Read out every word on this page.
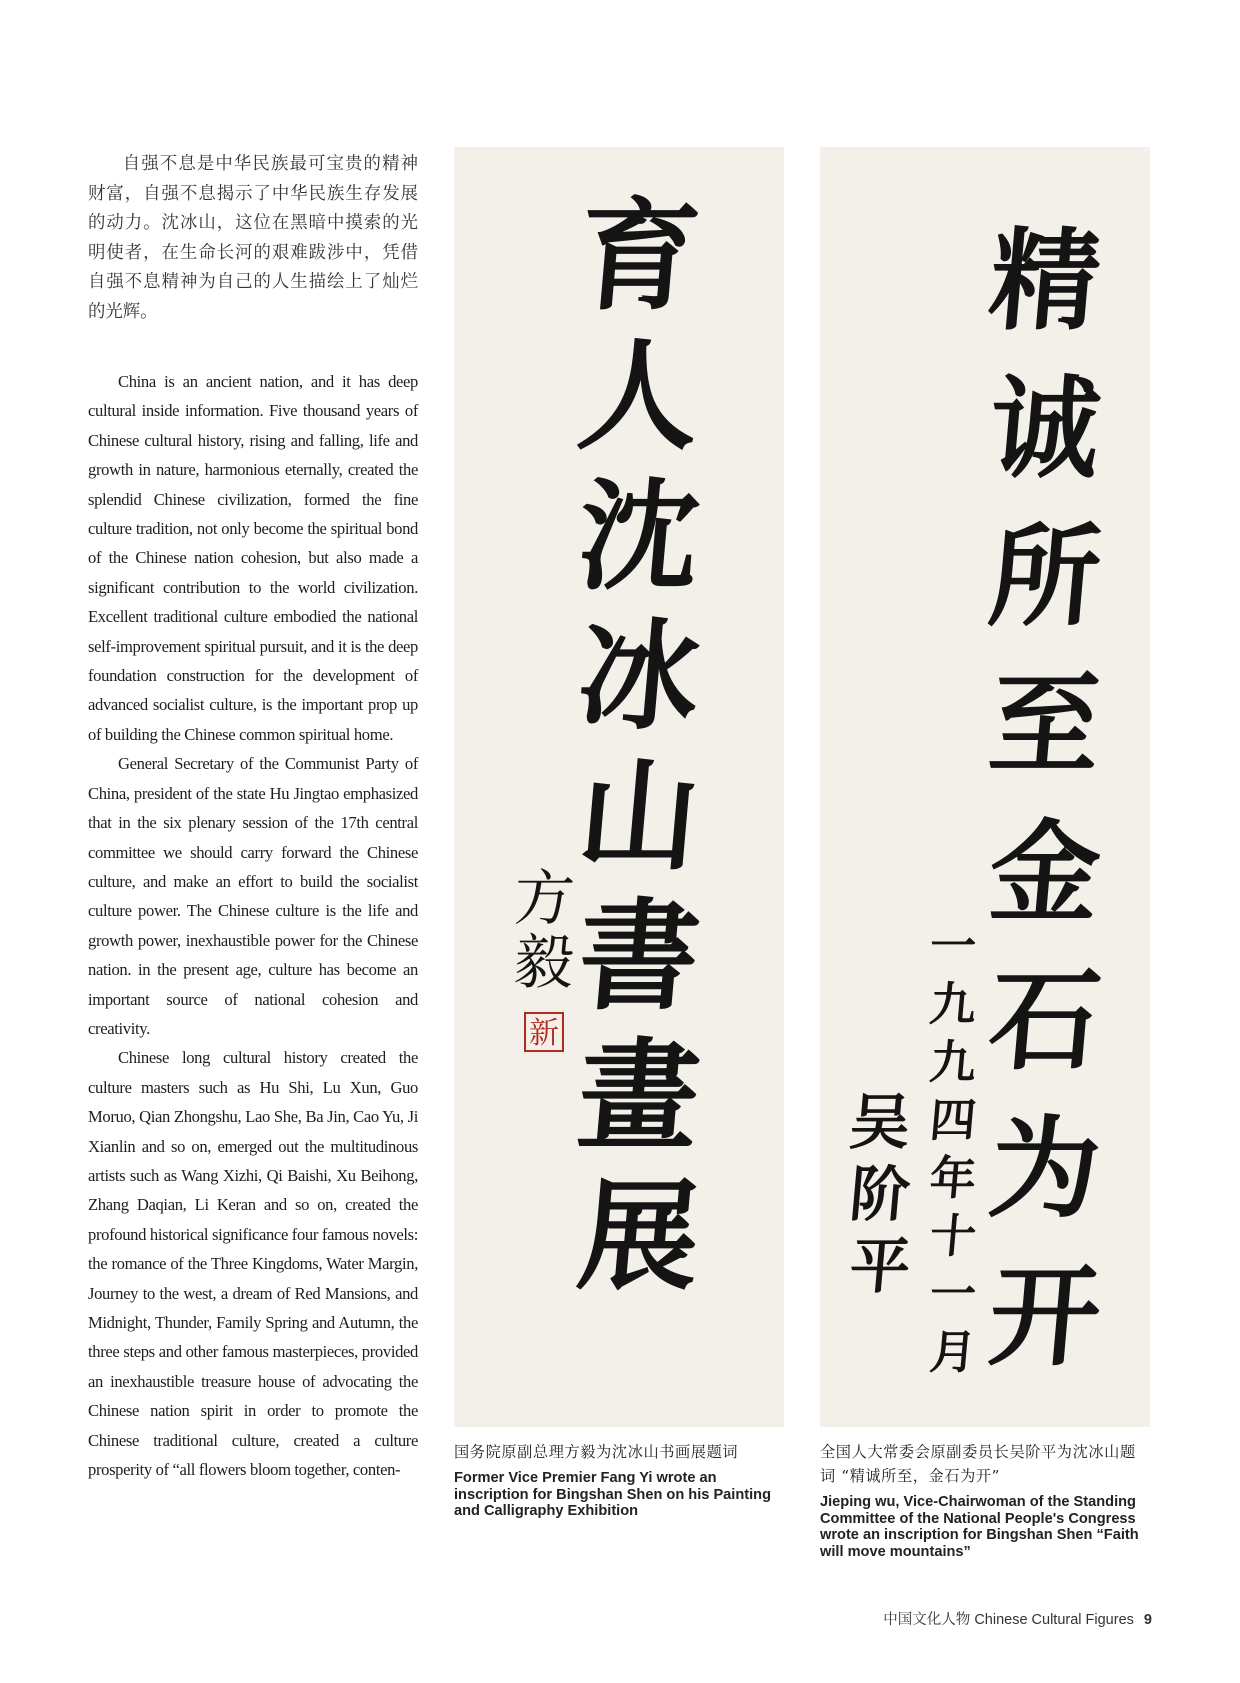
自强不息是中华民族最可宝贵的精神财富，自强不息揭示了中华民族生存发展的动力。沈冰山，这位在黑暗中摸索的光明使者，在生命长河的艰难跋涉中，凭借自强不息精神为自己的人生描绘上了灿烂的光辉。

China is an ancient nation, and it has deep cultural inside information. Five thousand years of Chinese cultural history, rising and falling, life and growth in nature, harmonious eternally, created the splendid Chinese civilization, formed the fine culture tradition, not only become the spiritual bond of the Chinese nation cohesion, but also made a significant contribution to the world civilization. Excellent traditional culture embodied the national self-improvement spiritual pursuit, and it is the deep foundation construction for the development of advanced socialist culture, is the important prop up of building the Chinese common spiritual home.

General Secretary of the Communist Party of China, president of the state Hu Jingtao emphasized that in the six plenary session of the 17th central committee we should carry forward the Chinese culture, and make an effort to build the socialist culture power. The Chinese culture is the life and growth power, inexhaustible power for the Chinese nation. in the present age, culture has become an important source of national cohesion and creativity.

Chinese long cultural history created the culture masters such as Hu Shi, Lu Xun, Guo Moruo, Qian Zhongshu, Lao She, Ba Jin, Cao Yu, Ji Xianlin and so on, emerged out the multitudinous artists such as Wang Xizhi, Qi Baishi, Xu Beihong, Zhang Daqian, Li Keran and so on, created the profound historical significance four famous novels: the romance of the Three Kingdoms, Water Margin, Journey to the west, a dream of Red Mansions, and Midnight, Thunder, Family Spring and Autumn, the three steps and other famous masterpieces, provided an inexhaustible treasure house of advocating the Chinese nation spirit in order to promote the Chinese traditional culture, created a culture prosperity of “all flowers bloom together, conten-

育
人
沈
冰
山
書
畫
展
方
毅
新
精
诚
所
至
金
石
为
开
一
九
九
四
年
十
一
月
吴
阶
平

国务院原副总理方毅为沈冰山书画展题词

Former Vice Premier Fang Yi wrote an inscription for Bingshan Shen on his Painting and Calligraphy Exhibition

全国人大常委会原副委员长吴阶平为沈冰山题词 “精诚所至，金石为开”

Jieping wu, Vice-Chairwoman of the Standing Committee of the National People's Congress wrote an inscription for Bingshan Shen “Faith will move mountains”

中国文化人物 Chinese Cultural Figures 9
